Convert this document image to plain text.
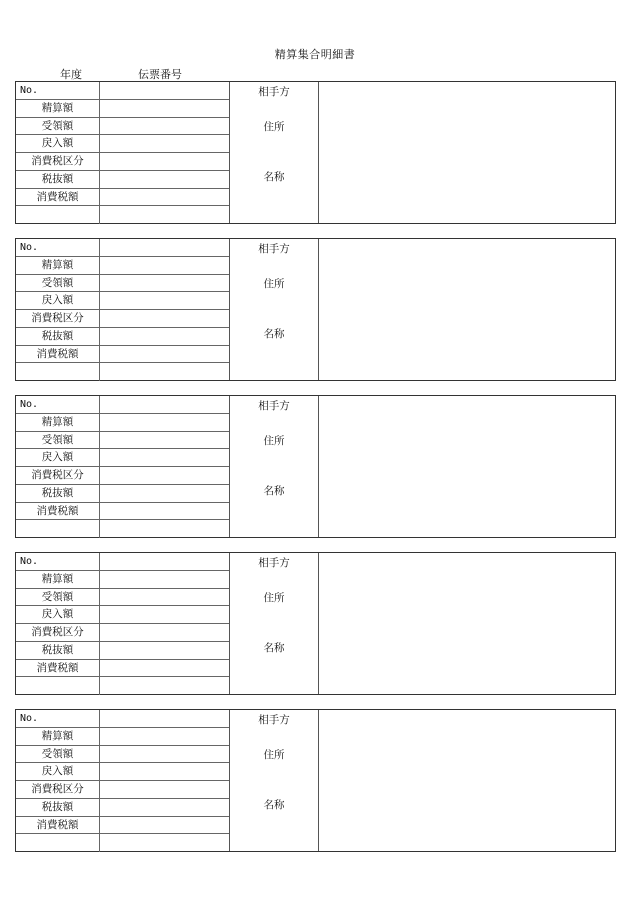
精算集合明細書
年度	伝票番号
No.
精算額
受領額
戻入額
消費税区分
税抜額
消費税額
相手方
住所
名称
No.
精算額
受領額
戻入額
消費税区分
税抜額
消費税額
相手方
住所
名称
No.
精算額
受領額
戻入額
消費税区分
税抜額
消費税額
相手方
住所
名称
No.
精算額
受領額
戻入額
消費税区分
税抜額
消費税額
相手方
住所
名称
No.
精算額
受領額
戻入額
消費税区分
税抜額
消費税額
相手方
住所
名称
